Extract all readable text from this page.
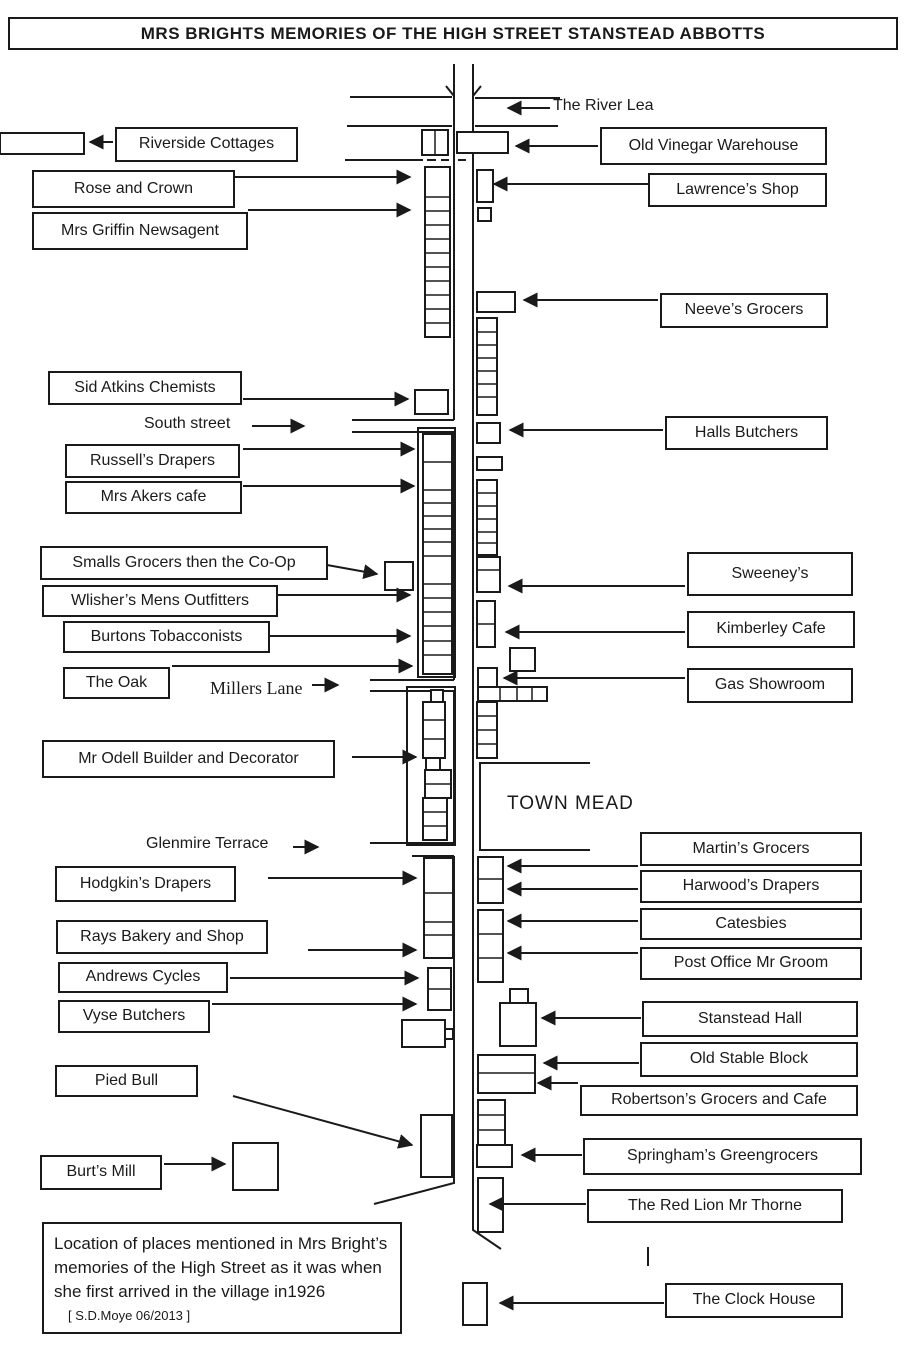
MRS BRIGHTS MEMORIES OF THE HIGH STREET STANSTEAD ABBOTTS
The River Lea
South street
Millers Lane
Glenmire Terrace
TOWN MEAD
Riverside Cottages
Rose and Crown
Mrs Griffin Newsagent
Sid Atkins Chemists
Russell’s Drapers
Mrs Akers cafe
Smalls Grocers then the Co-Op
Wlisher’s Mens Outfitters
Burtons Tobacconists
The Oak
Mr Odell Builder and Decorator
Hodgkin’s Drapers
Rays Bakery and Shop
Andrews Cycles
Vyse Butchers
Pied Bull
Burt’s Mill
Old Vinegar Warehouse
Lawrence’s Shop
Neeve’s Grocers
Halls Butchers
Sweeney’s
Kimberley Cafe
Gas Showroom
Martin’s Grocers
Harwood’s Drapers
Catesbies
Post Office Mr Groom
Stanstead Hall
Old Stable Block
Robertson’s Grocers and Cafe
Springham’s Greengrocers
The Red Lion Mr Thorne
The Clock House
Location of places mentioned in Mrs Bright’s memories of the High Street as it was when she first arrived in the village in1926 [ S.D.Moye 06/2013 ]
